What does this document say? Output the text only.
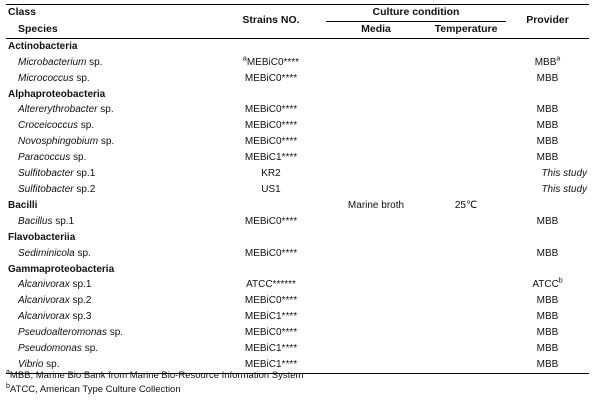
Class	Strains NO.	Culture condition		Provider
Species		Media	Temperature	
Actinobacteria				
Microbacterium sp.	$^a$MEBiC0****			MBB$^a$
Micrococcus sp.	MEBiC0****			MBB
Alphaproteobacteria				
Altererythrobacter sp.	MEBiC0****			MBB
Croceicoccus sp.	MEBiC0****			MBB
Novosphingobium sp.	MEBiC0****			MBB
Paracoccus sp.	MEBiC1****			MBB
Sulfitobacter sp.1	KR2			This study
Sulfitobacter sp.2	US1			This study
Bacilli		Marine broth	25℃	
Bacillus sp.1	MEBiC0****			MBB
Flavobacteriia				
Sediminicola sp.	MEBiC0****			MBB
Gammaproteobacteria				
Alcanivorax sp.1	ATCC******			ATCC$^b$
Alcanivorax sp.2	MEBiC0****			MBB
Alcanivorax sp.3	MEBiC1****			MBB
Pseudoalteromonas sp.	MEBiC0****			MBB
Pseudomonas sp.	MEBiC1****			MBB
Vibrio sp.	MEBiC1****			MBB
$^a$MBB, Marine Bio Bank from Marine Bio-Resource Information System
$^b$ATCC, American Type Culture Collection
